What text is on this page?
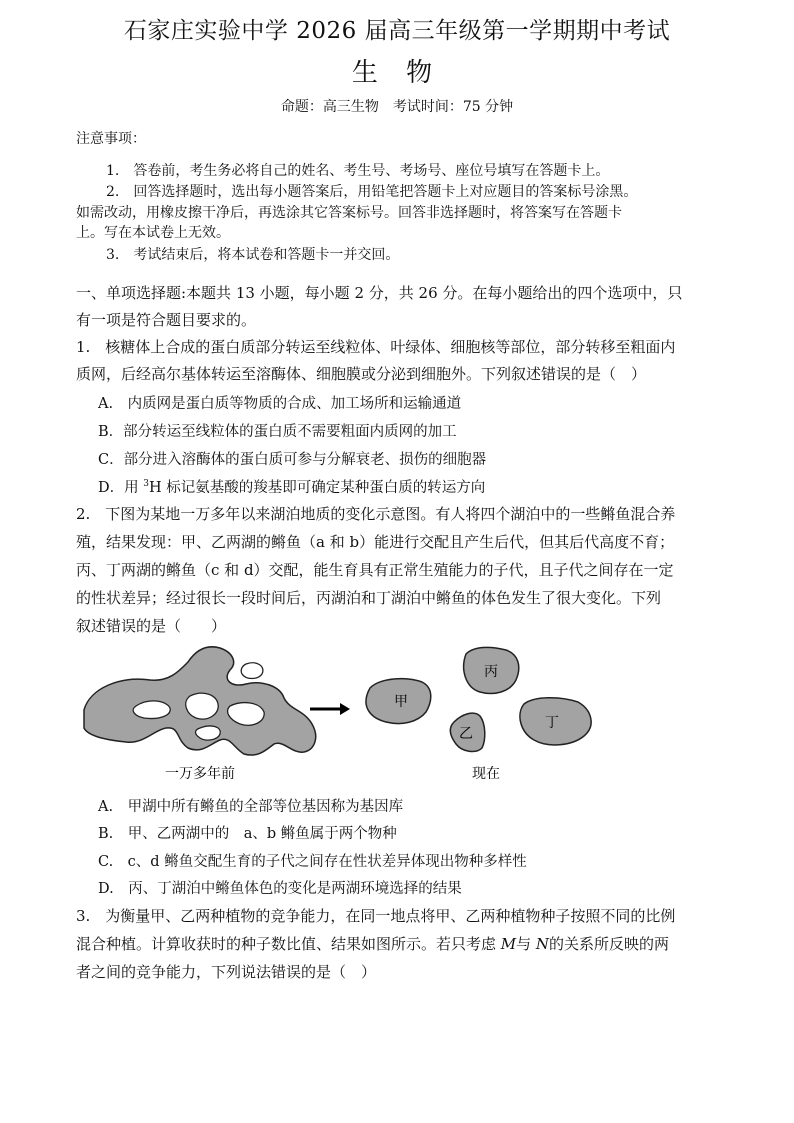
石家庄实验中学 2026 届高三年级第一学期期中考试
生 物
命题：高三生物　考试时间：75 分钟
注意事项：
1.　答卷前，考生务必将自己的姓名、考生号、考场号、座位号填写在答题卡上。
2.　回答选择题时，选出每小题答案后，用铅笔把答题卡上对应题目的答案标号涂黑。
如需改动，用橡皮擦干净后，再选涂其它答案标号。回答非选择题时，将答案写在答题卡
上。写在本试卷上无效。
3.　考试结束后，将本试卷和答题卡一并交回。
一、单项选择题:本题共 13 小题，每小题 2 分，共 26 分。在每小题给出的四个选项中，只
有一项是符合题目要求的。
1.　核糖体上合成的蛋白质部分转运至线粒体、叶绿体、细胞核等部位，部分转移至粗面内
质网，后经高尔基体转运至溶酶体、细胞膜或分泌到细胞外。下列叙述错误的是（　）
A.　内质网是蛋白质等物质的合成、加工场所和运输通道
B．部分转运至线粒体的蛋白质不需要粗面内质网的加工
C．部分进入溶酶体的蛋白质可参与分解衰老、损伤的细胞器
D．用 $^3$H 标记氨基酸的羧基即可确定某种蛋白质的转运方向
2.　下图为某地一万多年以来湖泊地质的变化示意图。有人将四个湖泊中的一些鳉鱼混合养
殖，结果发现：甲、乙两湖的鳉鱼（a 和 b）能进行交配且产生后代，但其后代高度不育；
丙、丁两湖的鳉鱼（c 和 d）交配，能生育具有正常生殖能力的子代，且子代之间存在一定
的性状差异；经过很长一段时间后，丙湖泊和丁湖泊中鳉鱼的体色发生了很大变化。下列
叙述错误的是（　　）
甲
乙
丙
丁
一万多年前	现在
A.　甲湖中所有鳉鱼的全部等位基因称为基因库
B.　甲、乙两湖中的　a、b 鳉鱼属于两个物种
C.　c、d 鳉鱼交配生育的子代之间存在性状差异体现出物种多样性
D.　丙、丁湖泊中鳉鱼体色的变化是两湖环境选择的结果
3.　为衡量甲、乙两种植物的竞争能力，在同一地点将甲、乙两种植物种子按照不同的比例
混合种植。计算收获时的种子数比值、结果如图所示。若只考虑 M与 N的关系所反映的两
者之间的竞争能力，下列说法错误的是（　）
